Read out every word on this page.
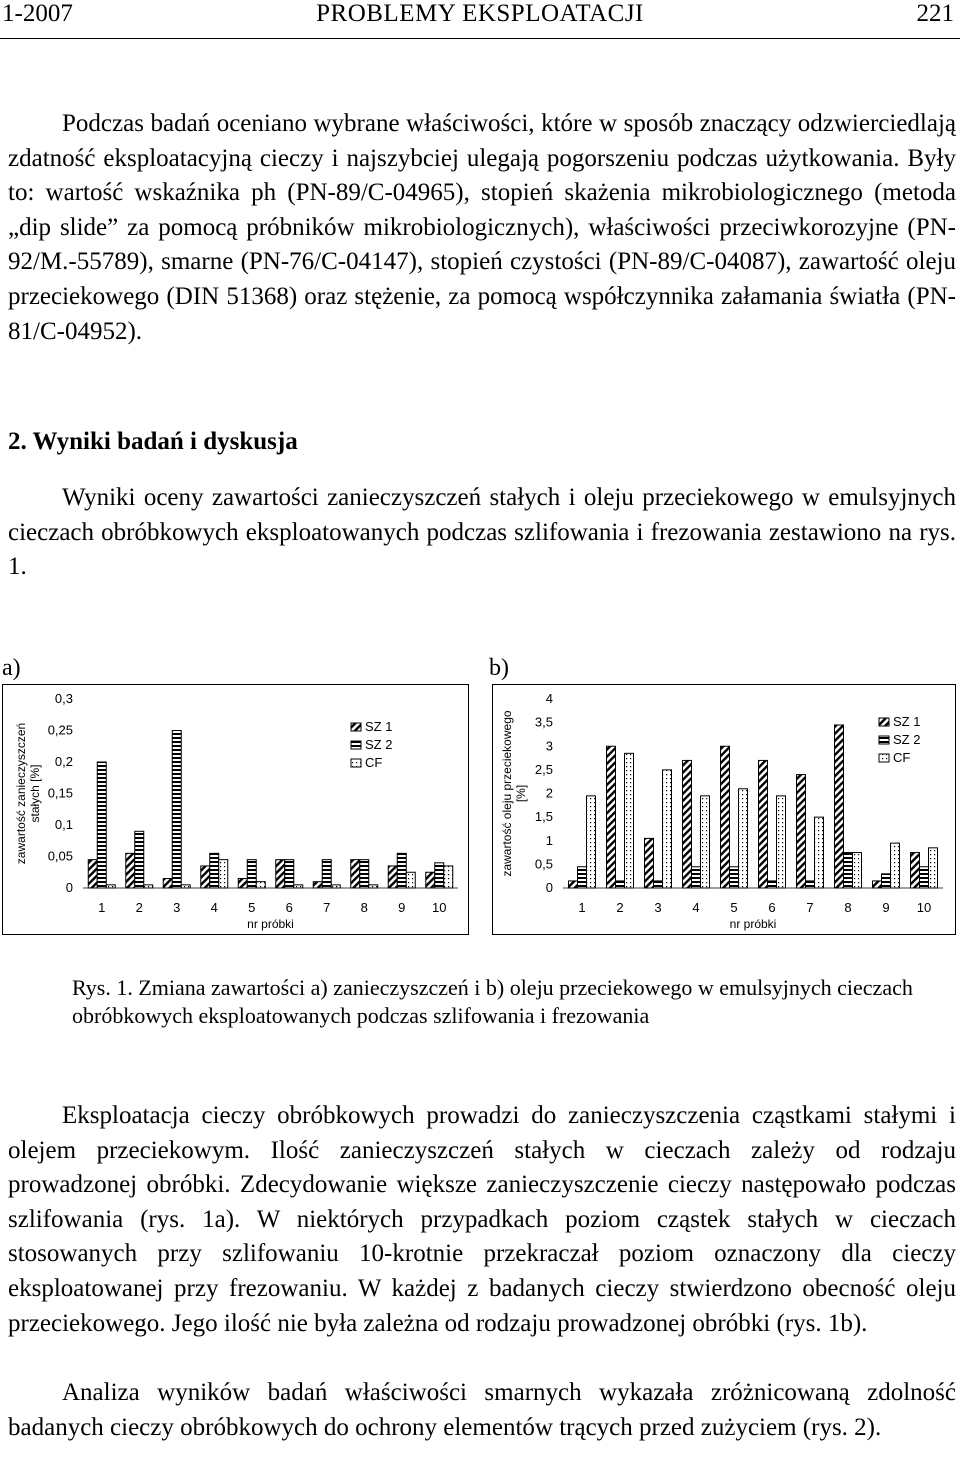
1-2007	PROBLEMY EKSPLOATACJI	221

Podczas badań oceniano wybrane właściwości, które w sposób znaczący odzwierciedlają zdatność eksploatacyjną cieczy i najszybciej ulegają pogorszeniu podczas użytkowania. Były to: wartość wskaźnika ph (PN-89/C-04965), stopień skażenia mikrobiologicznego (metoda „dip slide” za pomocą próbników mikrobiologicznych), właściwości przeciwkorozyjne (PN-92/M.-55789), smarne (PN-76/C-04147), stopień czystości (PN-89/C-04087), zawartość oleju przeciekowego (DIN 51368) oraz stężenie, za pomocą współczynnika załamania światła (PN-81/C-04952).

2. Wyniki badań i dyskusja

Wyniki oceny zawartości zanieczyszczeń stałych i oleju przeciekowego w emulsyjnych cieczach obróbkowych eksploatowanych podczas szlifowania i frezowania zestawiono na rys. 1.

a)	b)
0
0,05
0,1
0,15
0,2
0,25
0,3
zawartość zanieczyszczeństałych [%]
1 2 3 4 5 6 7 8 9 10
nr próbki
SZ 1
SZ 2
CF
0
0,5
1
1,5
2
2,5
3
3,5
4
zawartość oleju przeciekowego[%]
1 2 3 4 5 6 7 8 9 10
nr próbki
SZ 1
SZ 2
CF
Rys. 1. Zmiana zawartości a) zanieczyszczeń i b) oleju przeciekowego w emulsyjnych cieczach
obróbkowych eksploatowanych podczas szlifowania i frezowania

Eksploatacja cieczy obróbkowych prowadzi do zanieczyszczenia cząstkami stałymi i olejem przeciekowym. Ilość zanieczyszczeń stałych w cieczach zależy od rodzaju prowadzonej obróbki. Zdecydowanie większe zanieczyszczenie cieczy następowało podczas szlifowania (rys. 1a). W niektórych przypadkach poziom cząstek stałych w cieczach stosowanych przy szlifowaniu 10-krotnie przekraczał poziom oznaczony dla cieczy eksploatowanej przy frezowaniu. W każdej z badanych cieczy stwierdzono obecność oleju przeciekowego. Jego ilość nie była zależna od rodzaju prowadzonej obróbki (rys. 1b).

Analiza wyników badań właściwości smarnych wykazała zróżnicowaną zdolność badanych cieczy obróbkowych do ochrony elementów trących przed zużyciem (rys. 2).
